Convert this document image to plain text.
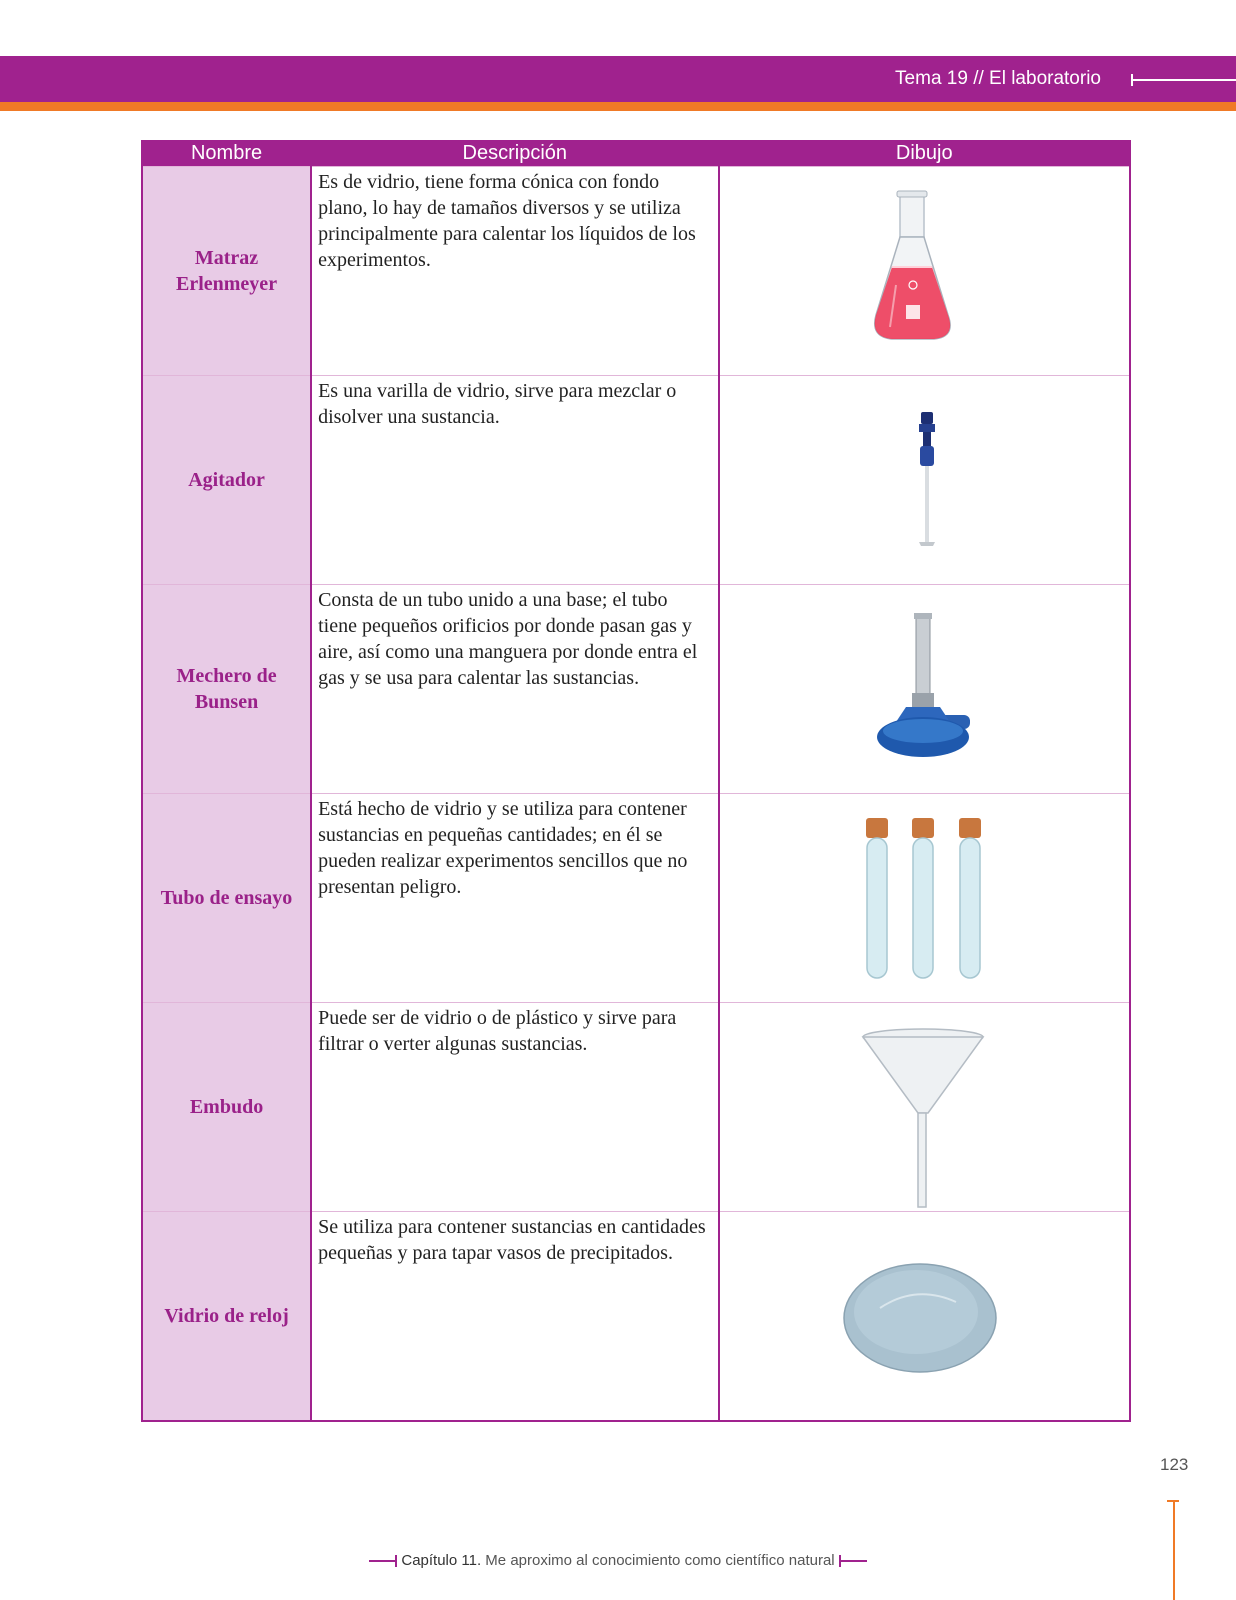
Tema 19 // El laboratorio
Nombre	Descripción	Dibujo
Matraz Erlenmeyer	Es de vidrio, tiene forma cónica con fondo plano, lo hay de tamaños diversos y se utiliza principalmente para calentar los líquidos de los experimentos.	

Agitador	Es una varilla de vidrio, sirve para mezclar o disolver una sustancia.	

Mechero de Bunsen	Consta de un tubo unido a una base; el tubo tiene pequeños orificios por donde pasan gas y aire, así como una manguera por donde entra el gas y se usa para calentar las sustancias.	

Tubo de ensayo	Está hecho de vidrio y se utiliza para contener sustancias en pequeñas cantidades; en él se pueden realizar experimentos sencillos que no presentan peligro.	

Embudo	Puede ser de vidrio o de plástico y sirve para filtrar o verter algunas sustancias.	

Vidrio de reloj	Se utiliza para contener sustancias en cantidades pequeñas y para tapar vasos de precipitados.	
123
Capítulo 11. Me aproximo al conocimiento como científico natural
